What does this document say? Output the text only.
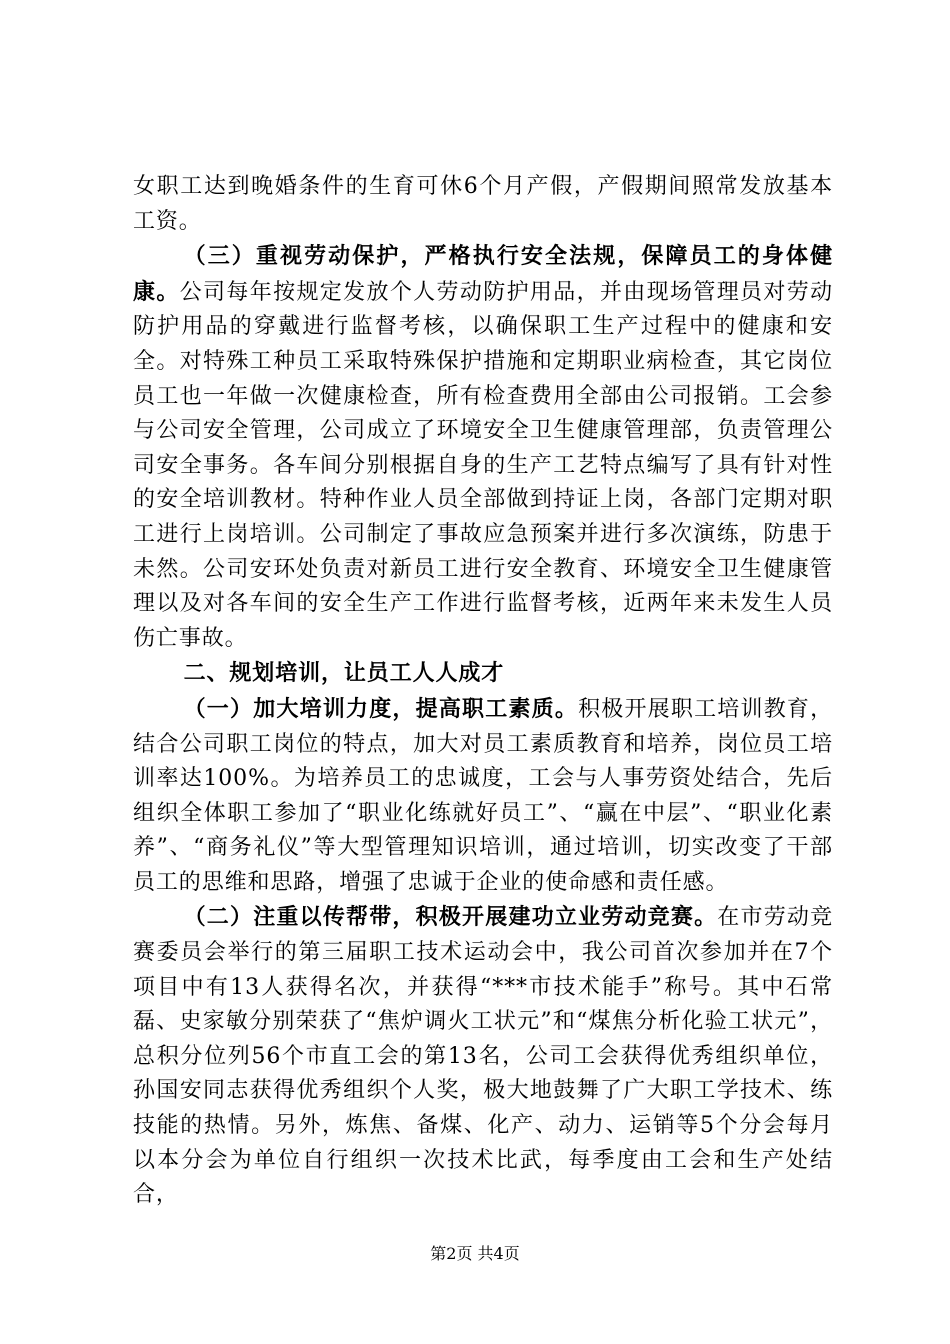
女职工达到晚婚条件的生育可休6个月产假，产假期间照常发放基本工资。

（三）重视劳动保护，严格执行安全法规，保障员工的身体健康。公司每年按规定发放个人劳动防护用品，并由现场管理员对劳动防护用品的穿戴进行监督考核，以确保职工生产过程中的健康和安全。对特殊工种员工采取特殊保护措施和定期职业病检查，其它岗位员工也一年做一次健康检查，所有检查费用全部由公司报销。工会参与公司安全管理，公司成立了环境安全卫生健康管理部，负责管理公司安全事务。各车间分别根据自身的生产工艺特点编写了具有针对性的安全培训教材。特种作业人员全部做到持证上岗，各部门定期对职工进行上岗培训。公司制定了事故应急预案并进行多次演练，防患于未然。公司安环处负责对新员工进行安全教育、环境安全卫生健康管理以及对各车间的安全生产工作进行监督考核，近两年来未发生人员伤亡事故。

二、规划培训，让员工人人成才

（一）加大培训力度，提高职工素质。积极开展职工培训教育，结合公司职工岗位的特点，加大对员工素质教育和培养，岗位员工培训率达100%。为培养员工的忠诚度，工会与人事劳资处结合，先后组织全体职工参加了“职业化练就好员工”、“赢在中层”、“职业化素养”、“商务礼仪”等大型管理知识培训，通过培训，切实改变了干部员工的思维和思路，增强了忠诚于企业的使命感和责任感。

（二）注重以传帮带，积极开展建功立业劳动竞赛。在市劳动竞赛委员会举行的第三届职工技术运动会中，我公司首次参加并在7个项目中有13人获得名次，并获得“***市技术能手”称号。其中石常磊、史家敏分别荣获了“焦炉调火工状元”和“煤焦分析化验工状元”，总积分位列56个市直工会的第13名，公司工会获得优秀组织单位，孙国安同志获得优秀组织个人奖，极大地鼓舞了广大职工学技术、练技能的热情。另外，炼焦、备煤、化产、动力、运销等5个分会每月以本分会为单位自行组织一次技术比武，每季度由工会和生产处结合，

第2页 共4页
